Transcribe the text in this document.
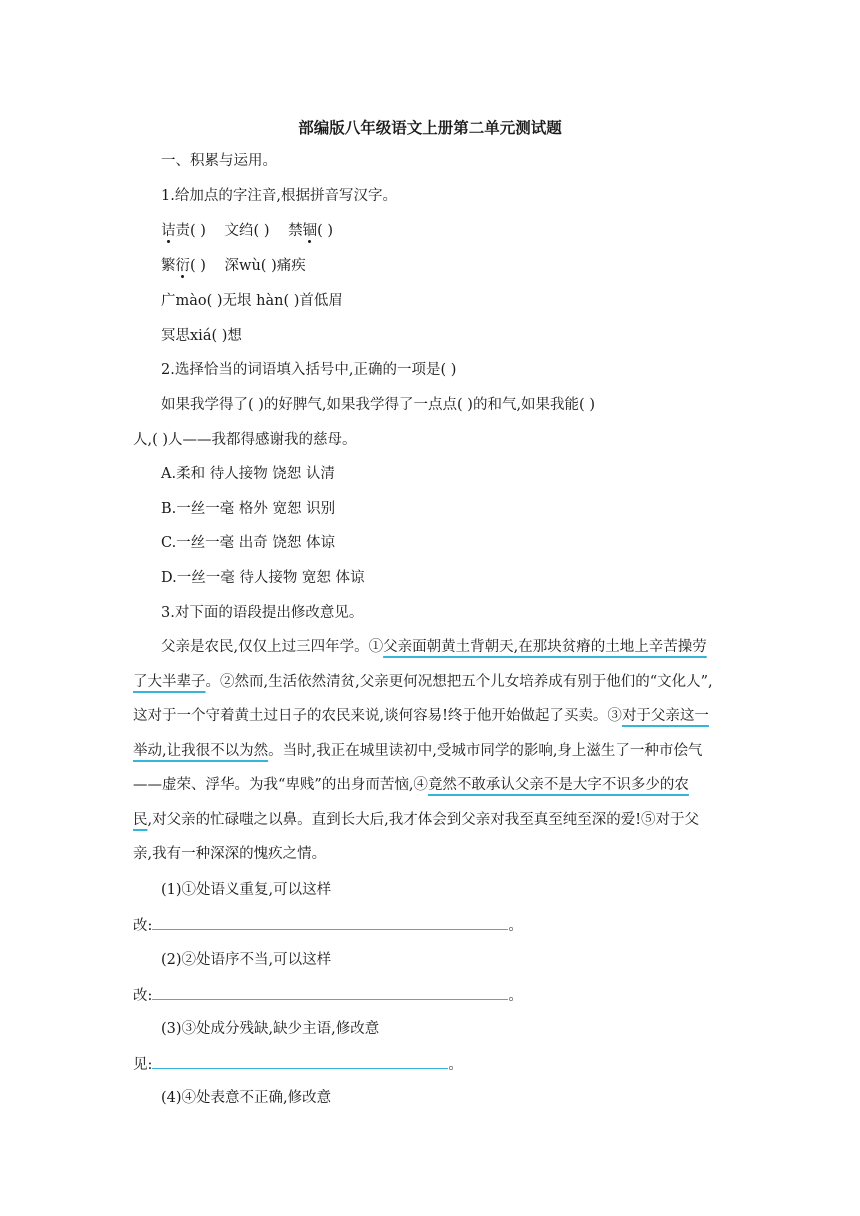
部编版八年级语文上册第二单元测试题
一、积累与运用。
1.给加点的字注音,根据拼音写汉字。
诘责( ) 文绉( ) 禁锢( )
繁衍( ) 深wù( )痛疾
广mào( )无垠 hàn( )首低眉
冥思xiá( )想
2.选择恰当的词语填入括号中,正确的一项是( )
如果我学得了( )的好脾气,如果我学得了一点点( )的和气,如果我能( )
人,( )人——我都得感谢我的慈母。
A.柔和 待人接物 饶恕 认清
B.一丝一毫 格外 宽恕 识别
C.一丝一毫 出奇 饶恕 体谅
D.一丝一毫 待人接物 宽恕 体谅
3.对下面的语段提出修改意见。
父亲是农民,仅仅上过三四年学。①父亲面朝黄土背朝天,在那块贫瘠的土地上辛苦操劳
了大半辈子。②然而,生活依然清贫,父亲更何况想把五个儿女培养成有别于他们的“文化人”,
这对于一个守着黄土过日子的农民来说,谈何容易!终于他开始做起了买卖。③对于父亲这一
举动,让我很不以为然。当时,我正在城里读初中,受城市同学的影响,身上滋生了一种市侩气
——虚荣、浮华。为我“卑贱”的出身而苦恼,④竟然不敢承认父亲不是大字不识多少的农
民,对父亲的忙碌嗤之以鼻。直到长大后,我才体会到父亲对我至真至纯至深的爱!⑤对于父
亲,我有一种深深的愧疚之情。
(1)①处语义重复,可以这样
改:	。
(2)②处语序不当,可以这样
改:	。
(3)③处成分残缺,缺少主语,修改意
见:	。
(4)④处表意不正确,修改意
